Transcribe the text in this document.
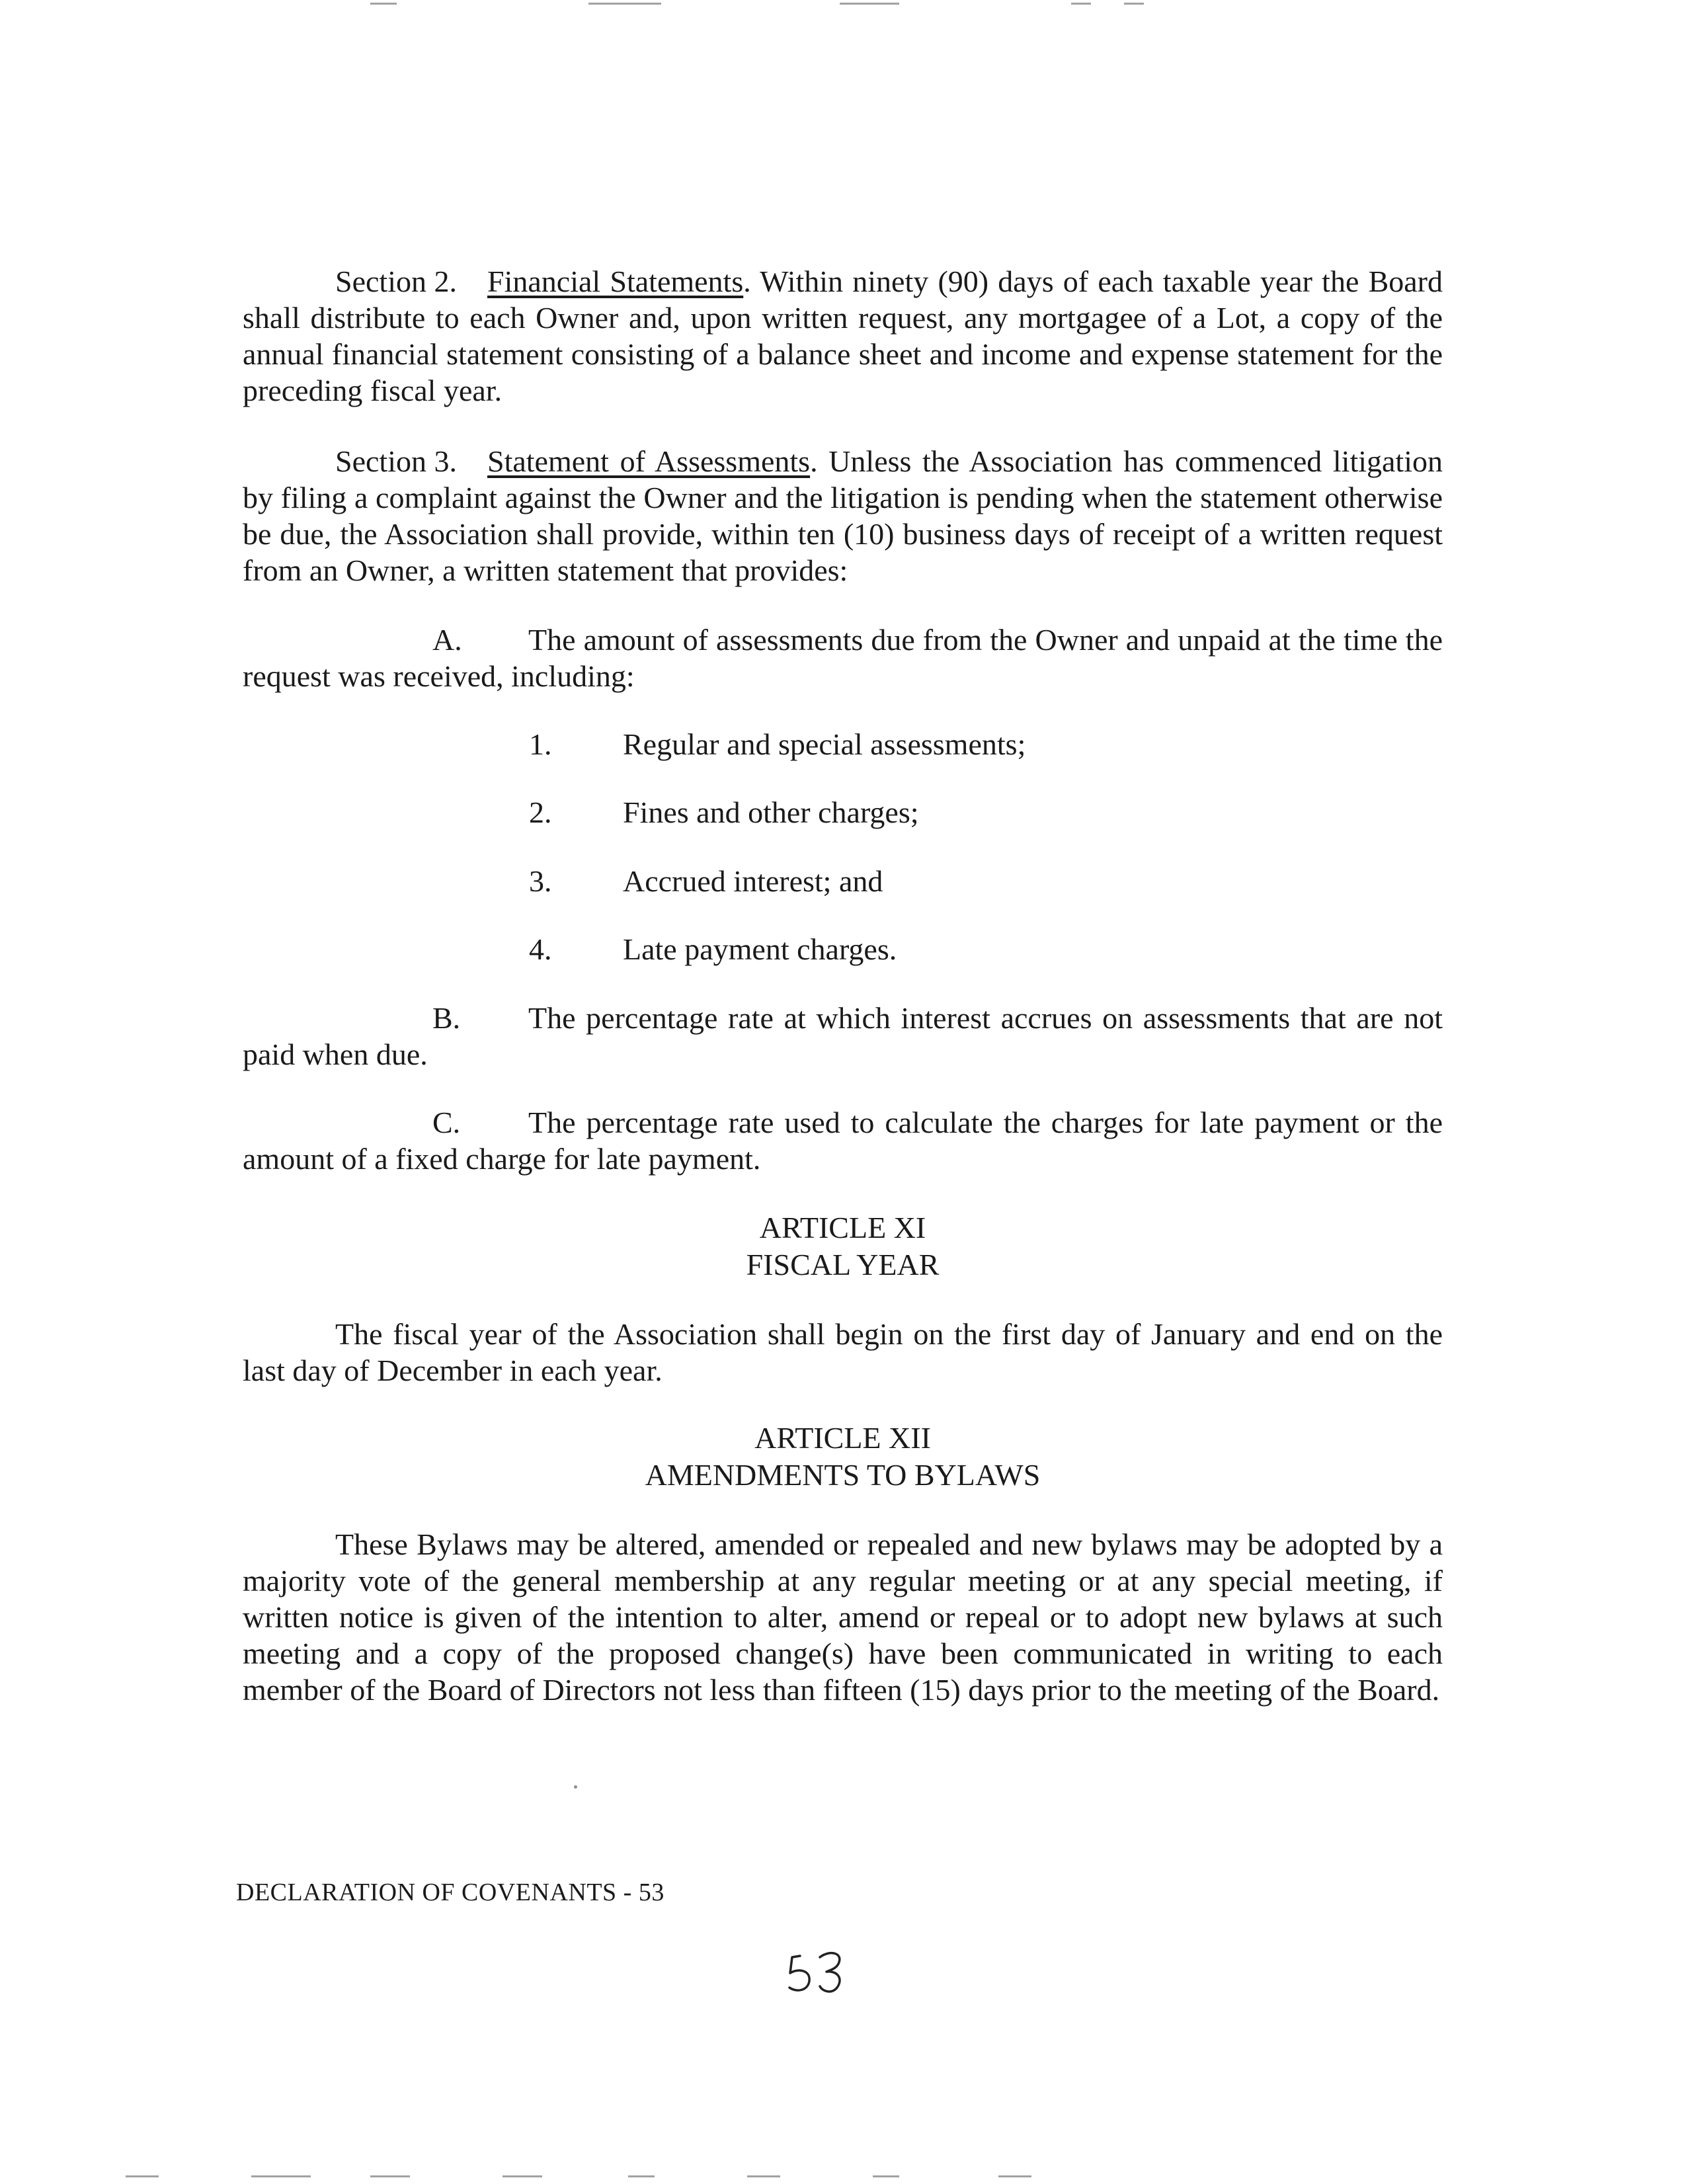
Section 2. Financial Statements. Within ninety (90) days of each taxable year the Board shall distribute to each Owner and, upon written request, any mortgagee of a Lot, a copy of the annual financial statement consisting of a balance sheet and income and expense statement for the preceding fiscal year.
Section 3. Statement of Assessments. Unless the Association has commenced litigation by filing a complaint against the Owner and the litigation is pending when the statement otherwise be due, the Association shall provide, within ten (10) business days of receipt of a written request from an Owner, a written statement that provides:
A. The amount of assessments due from the Owner and unpaid at the time the request was received, including:
1. Regular and special assessments;
2. Fines and other charges;
3. Accrued interest; and
4. Late payment charges.
B. The percentage rate at which interest accrues on assessments that are not paid when due.
C. The percentage rate used to calculate the charges for late payment or the amount of a fixed charge for late payment.
ARTICLE XI
FISCAL YEAR
The fiscal year of the Association shall begin on the first day of January and end on the last day of December in each year.
ARTICLE XII
AMENDMENTS TO BYLAWS
These Bylaws may be altered, amended or repealed and new bylaws may be adopted by a majority vote of the general membership at any regular meeting or at any special meeting, if written notice is given of the intention to alter, amend or repeal or to adopt new bylaws at such meeting and a copy of the proposed change(s) have been communicated in writing to each member of the Board of Directors not less than fifteen (15) days prior to the meeting of the Board.
DECLARATION OF COVENANTS - 53
